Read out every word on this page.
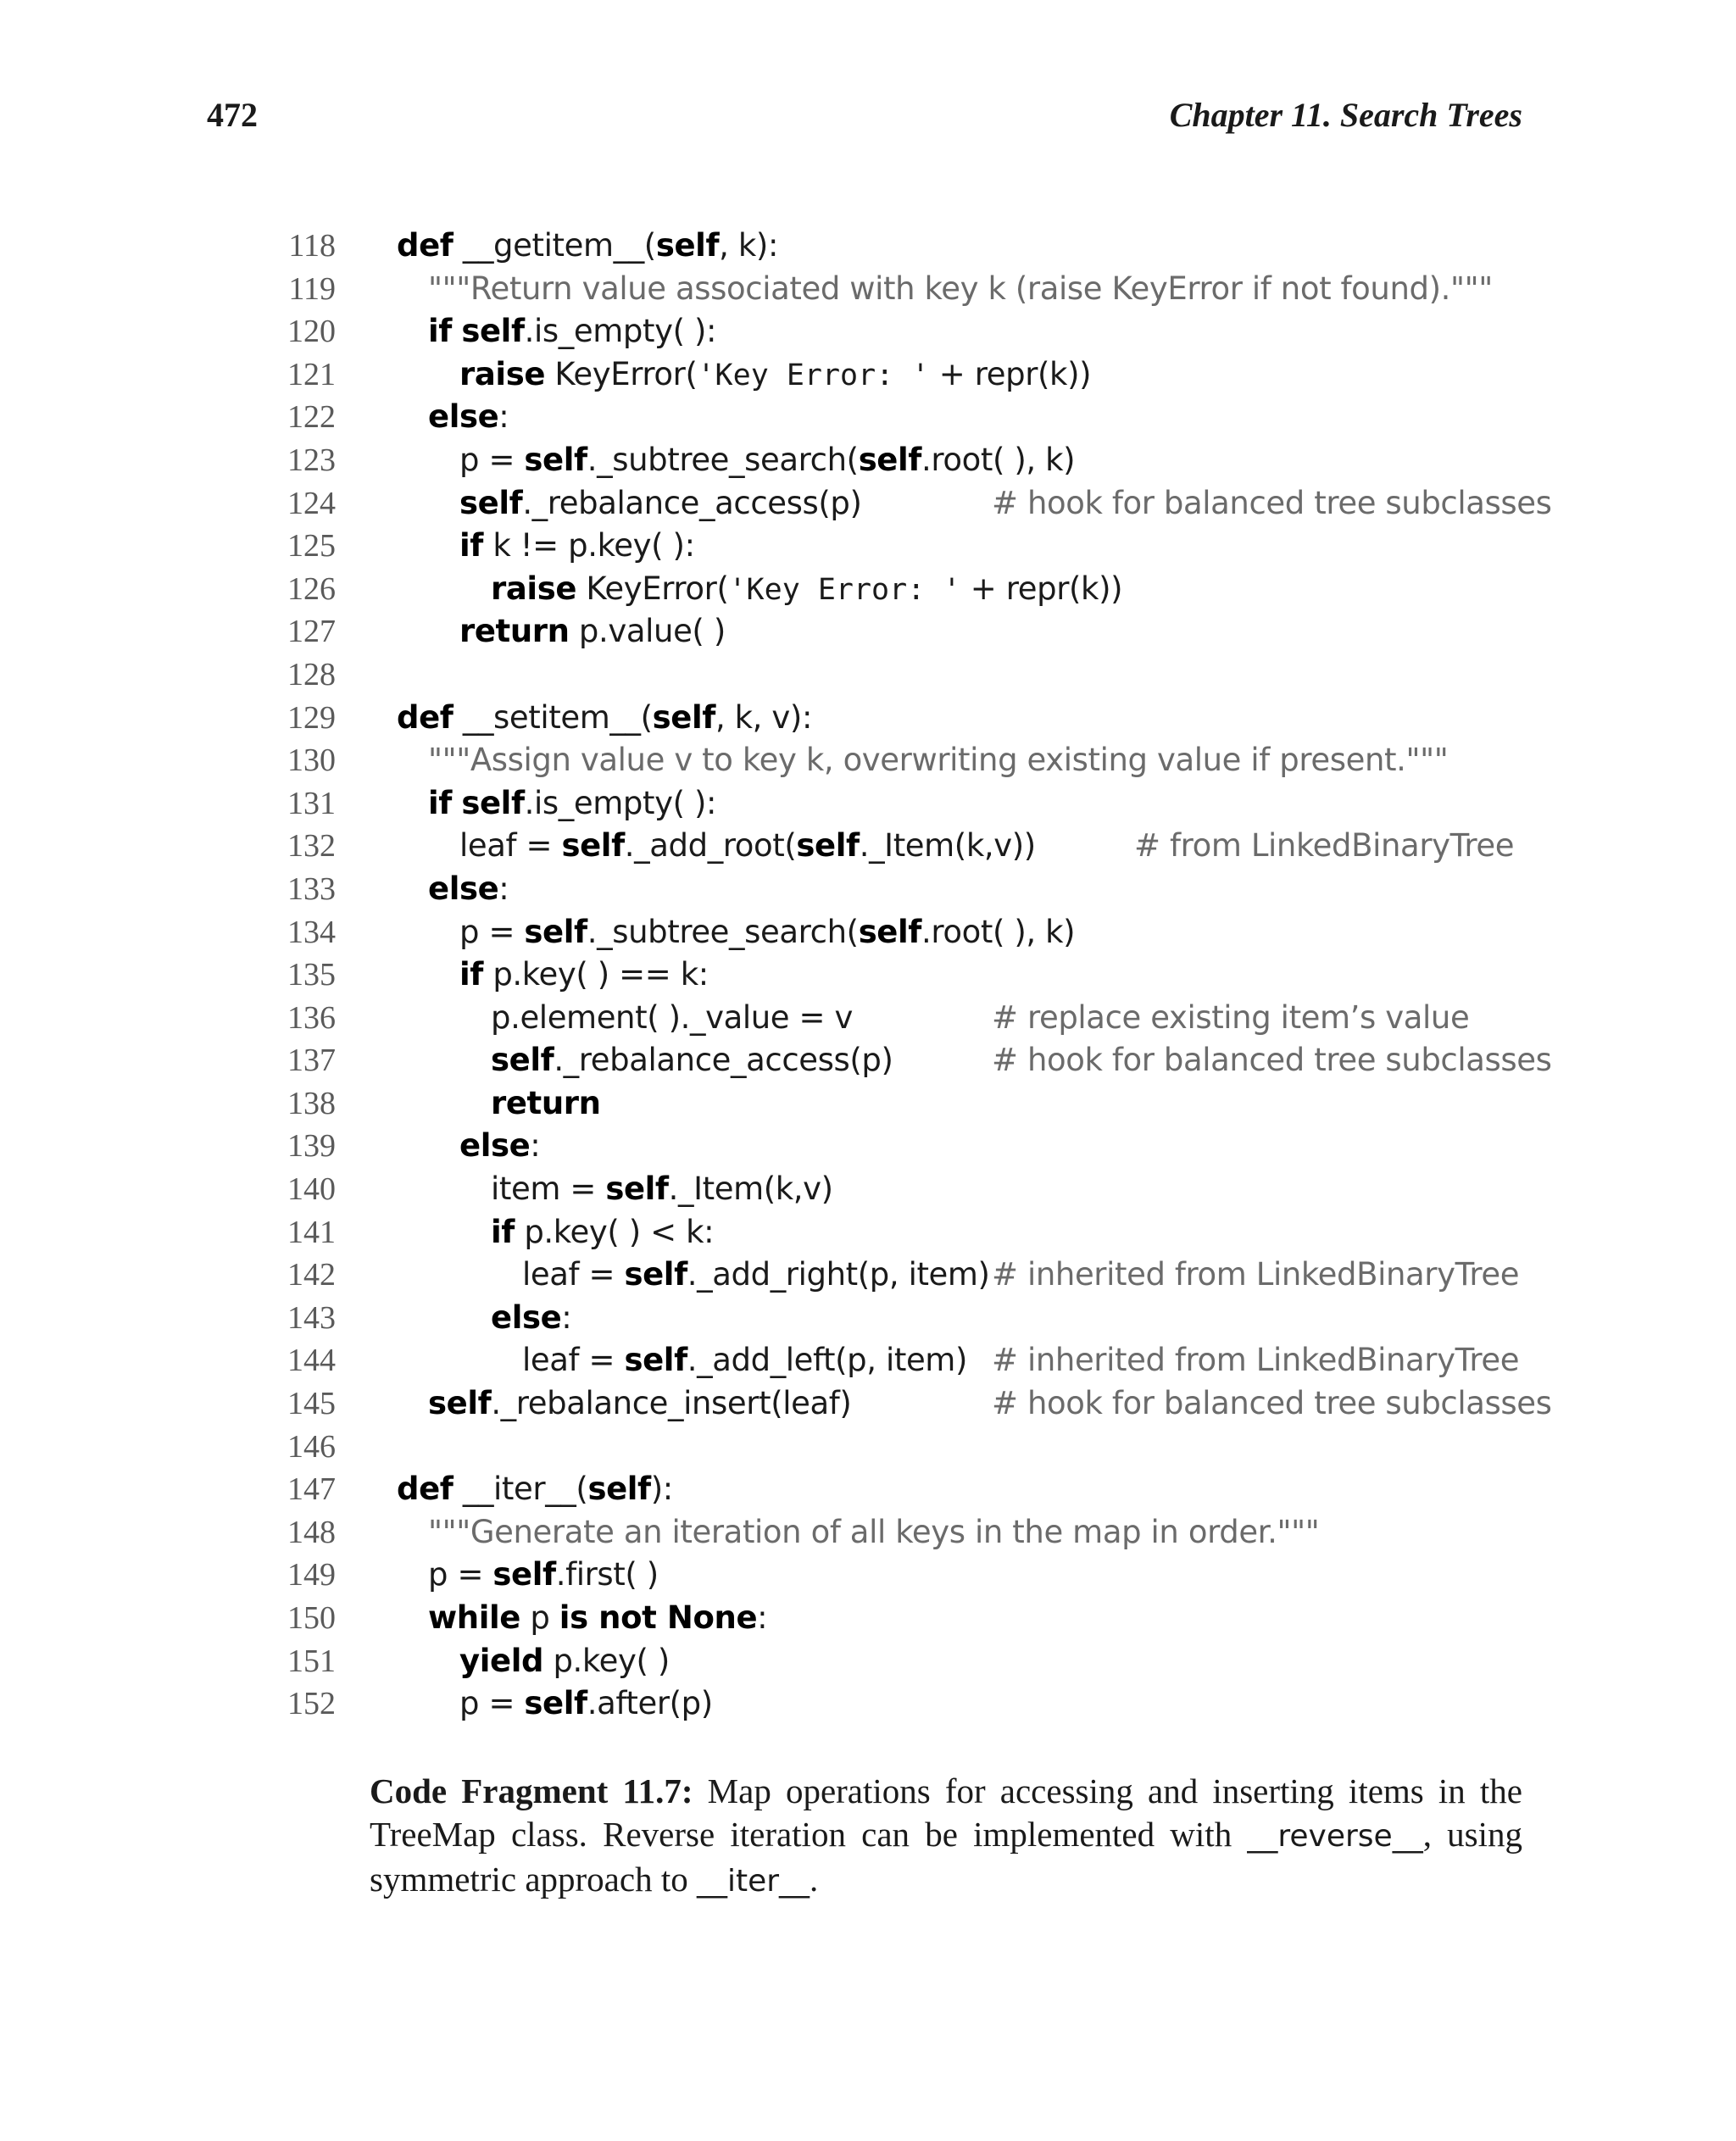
472	Chapter 11. Search Trees
118 def __getitem__(self, k):
119	"""Return value associated with key k (raise KeyError if not found)."""
120	if self.is_empty( ):
121	raise KeyError('Key Error: ' + repr(k))
122	else:
123	p = self._subtree_search(self.root( ), k)
124	self._rebalance_access(p)	# hook for balanced tree subclasses
125	if k != p.key( ):
126	raise KeyError('Key Error: ' + repr(k))
127	return p.value( )
128
129 def __setitem__(self, k, v):
130	"""Assign value v to key k, overwriting existing value if present."""
131	if self.is_empty( ):
132	leaf = self._add_root(self._Item(k,v))	# from LinkedBinaryTree
133	else:
134	p = self._subtree_search(self.root( ), k)
135	if p.key( ) == k:
136	p.element( )._value = v	# replace existing item’s value
137	self._rebalance_access(p)	# hook for balanced tree subclasses
138	return
139	else:
140	item = self._Item(k,v)
141	if p.key( ) < k:
142	leaf = self._add_right(p, item) # inherited from LinkedBinaryTree
143	else:
144	leaf = self._add_left(p, item) # inherited from LinkedBinaryTree
145	self._rebalance_insert(leaf)	# hook for balanced tree subclasses
146
147 def __iter__(self):
148	"""Generate an iteration of all keys in the map in order."""
149	p = self.first( )
150	while p is not None:
151	yield p.key( )
152	p = self.after(p)
Code Fragment 11.7: Map operations for accessing and inserting items in the TreeMap class. Reverse iteration can be implemented with __reverse__, using symmetric approach to __iter__.
